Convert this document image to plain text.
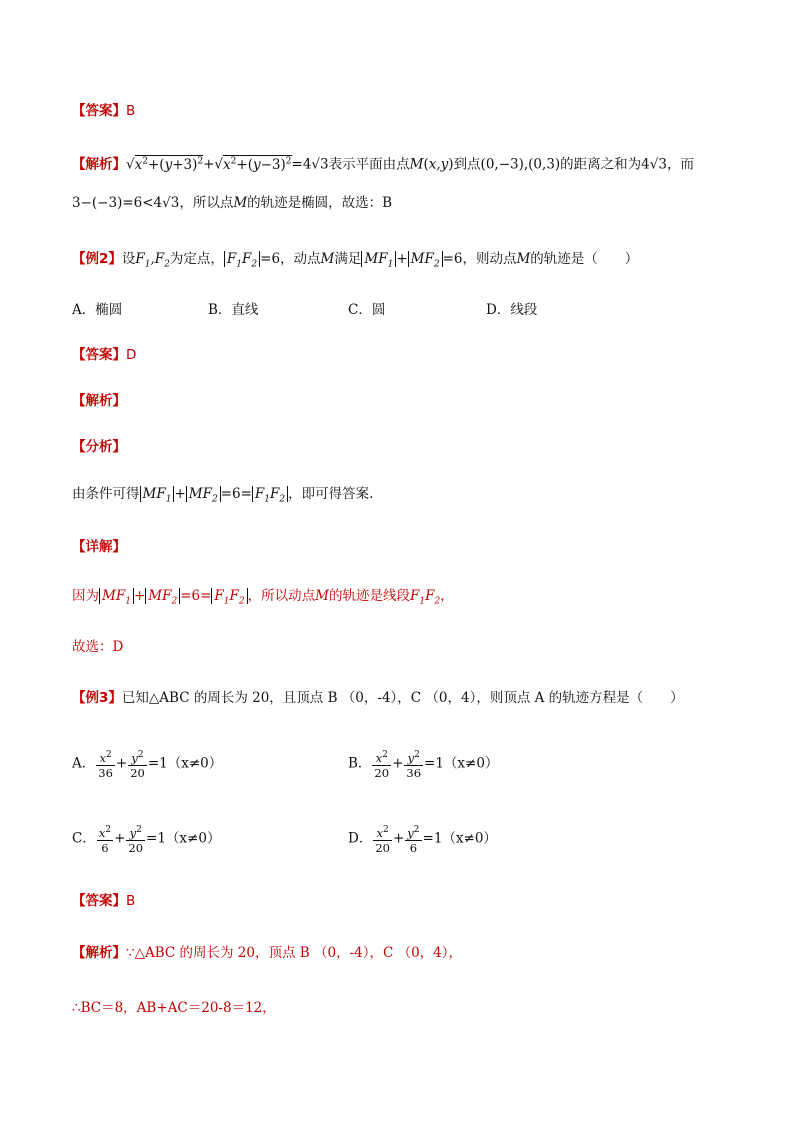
【答案】B
【解析】$√x^2+(y+3)^2+√x^2+(y-3)^2=4√3$表示平面由点M(x,y)到点(0,−3),(0,3)的距离之和为4√3，而
3−(−3)=6<4√3，所以点M的轨迹是椭圆，故选：B
【例2】设$F_1,F_2$为定点， $F_1F_2 =6$，动点M满足 $MF_1 + MF_2 =6$，则动点M的轨迹是（　　）
A．椭圆	B．直线	C．圆	D．线段
【答案】D
【解析】
【分析】
由条件可得 $MF_1 + MF_2 =6= F_1F_2$ ，即可得答案.
【详解】
因为 $MF_1 + MF_2 =6= F_1F_2$ ，所以动点M的轨迹是线段$F_1F_2$，
故选：D
【例3】已知△ABC 的周长为 20，且顶点 B （0，-4），C （0，4），则顶点 A 的轨迹方程是（　　）
A． $\frac{x^2}{36} + \frac{y^2}{20} =1(x\ne 0)$	B． $\frac{x^2}{20} + \frac{y^2}{36} =1(x\ne 0)$
C． $\frac{x^2}{6} + \frac{y^2}{20} =1(x\ne 0)$	D． $\frac{x^2}{20} + \frac{y^2}{6} =1(x\ne 0)$
【答案】B
【解析】∵△ABC 的周长为 20，顶点 B （0，-4），C （0，4），
∴BC＝8，AB+AC＝20-8＝12，
